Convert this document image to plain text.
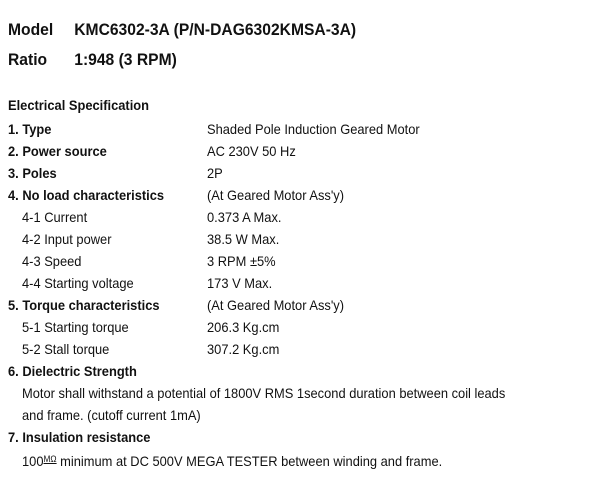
Model KMC6302-3A (P/N-DAG6302KMSA-3A)
Ratio 1:948 (3 RPM)
Electrical Specification
1. Type	Shaded Pole Induction Geared Motor
2. Power source	AC 230V 50 Hz
3. Poles	2P
4. No load characteristics	(At Geared Motor Ass'y)
4-1 Current	0.373 A Max.
4-2 Input power	38.5 W Max.
4-3 Speed	3 RPM ±5%
4-4 Starting voltage	173 V Max.
5. Torque characteristics	(At Geared Motor Ass'y)
5-1 Starting torque	206.3 Kg.cm
5-2 Stall torque	307.2 Kg.cm
6. Dielectric Strength
Motor shall withstand a potential of 1800V RMS 1second duration between coil leads
and frame. (cutoff current 1mA)
7. Insulation resistance
$100^{M\Omega}$ minimum at DC 500V MEGA TESTER between winding and frame.
